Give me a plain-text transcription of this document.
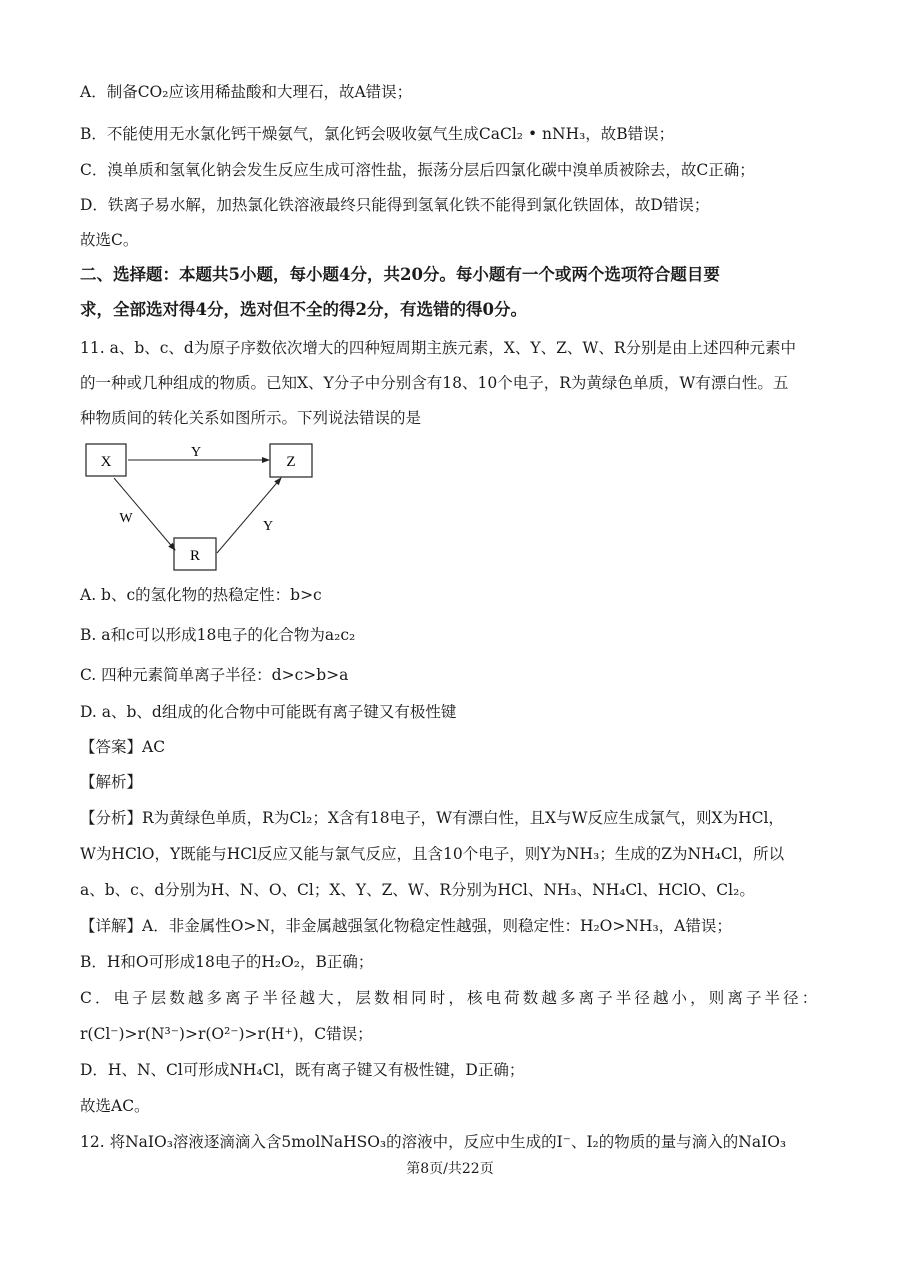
A．制备CO₂应该用稀盐酸和大理石，故A错误；
B．不能使用无水氯化钙干燥氨气，氯化钙会吸收氨气生成CaCl₂ • nNH₃，故B错误；
C．溴单质和氢氧化钠会发生反应生成可溶性盐，振荡分层后四氯化碳中溴单质被除去，故C正确；
D．铁离子易水解，加热氯化铁溶液最终只能得到氢氧化铁不能得到氯化铁固体，故D错误；
故选C。
二、选择题：本题共5小题，每小题4分，共20分。每小题有一个或两个选项符合题目要
求，全部选对得4分，选对但不全的得2分，有选错的得0分。
11. a、b、c、d为原子序数依次增大的四种短周期主族元素，X、Y、Z、W、R分别是由上述四种元素中
的一种或几种组成的物质。已知X、Y分子中分别含有18、10个电子，R为黄绿色单质，W有漂白性。五
种物质间的转化关系如图所示。下列说法错误的是
X	Z
R
Y
W
Y
A. b、c的氢化物的热稳定性：b>c
B. a和c可以形成18电子的化合物为a₂c₂
C. 四种元素简单离子半径：d>c>b>a
D. a、b、d组成的化合物中可能既有离子键又有极性键
【答案】AC
【解析】
【分析】R为黄绿色单质，R为Cl₂；X含有18电子，W有漂白性，且X与W反应生成氯气，则X为HCl，
W为HClO，Y既能与HCl反应又能与氯气反应，且含10个电子，则Y为NH₃；生成的Z为NH₄Cl，所以
a、b、c、d分别为H、N、O、Cl；X、Y、Z、W、R分别为HCl、NH₃、NH₄Cl、HClO、Cl₂。
【详解】A．非金属性O>N，非金属越强氢化物稳定性越强，则稳定性：H₂O>NH₃，A错误；
B．H和O可形成18电子的H₂O₂，B正确；
C．电子层数越多离子半径越大，层数相同时，核电荷数越多离子半径越小，则离子半径：
r(Cl⁻)>r(N³⁻)>r(O²⁻)>r(H⁺)，C错误；
D．H、N、Cl可形成NH₄Cl，既有离子键又有极性键，D正确；
故选AC。
12. 将NaIO₃溶液逐滴滴入含5molNaHSO₃的溶液中，反应中生成的I⁻、I₂的物质的量与滴入的NaIO₃
第8页/共22页
